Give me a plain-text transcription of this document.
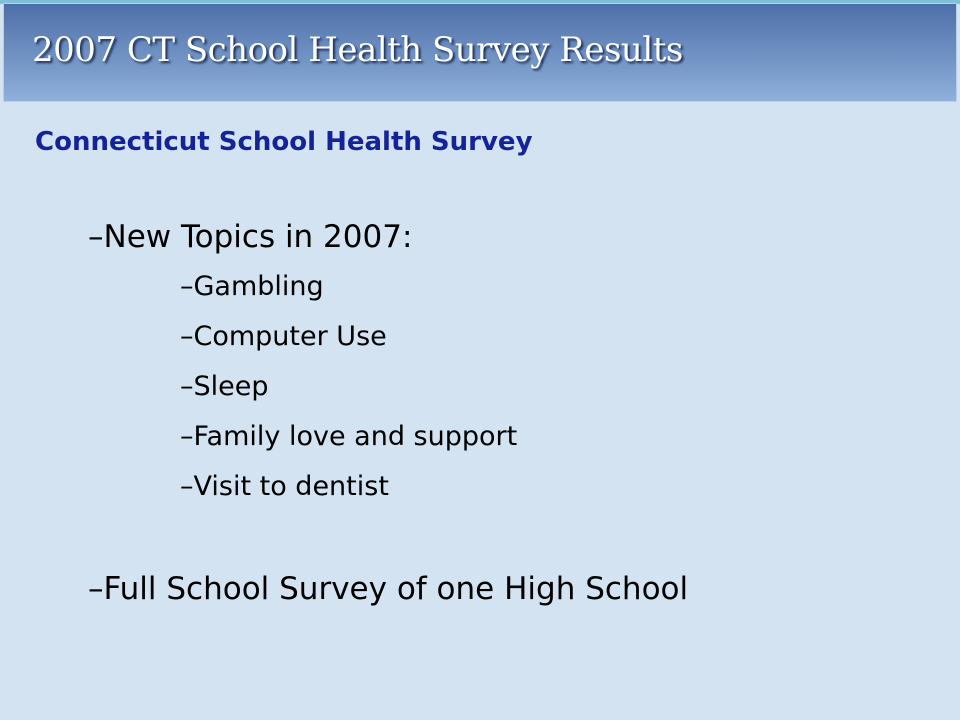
2007 CT School Health Survey Results
Connecticut School Health Survey
–New Topics in 2007:
–Gambling
–Computer Use
–Sleep
–Family love and support
–Visit to dentist
–Full School Survey of one High School
